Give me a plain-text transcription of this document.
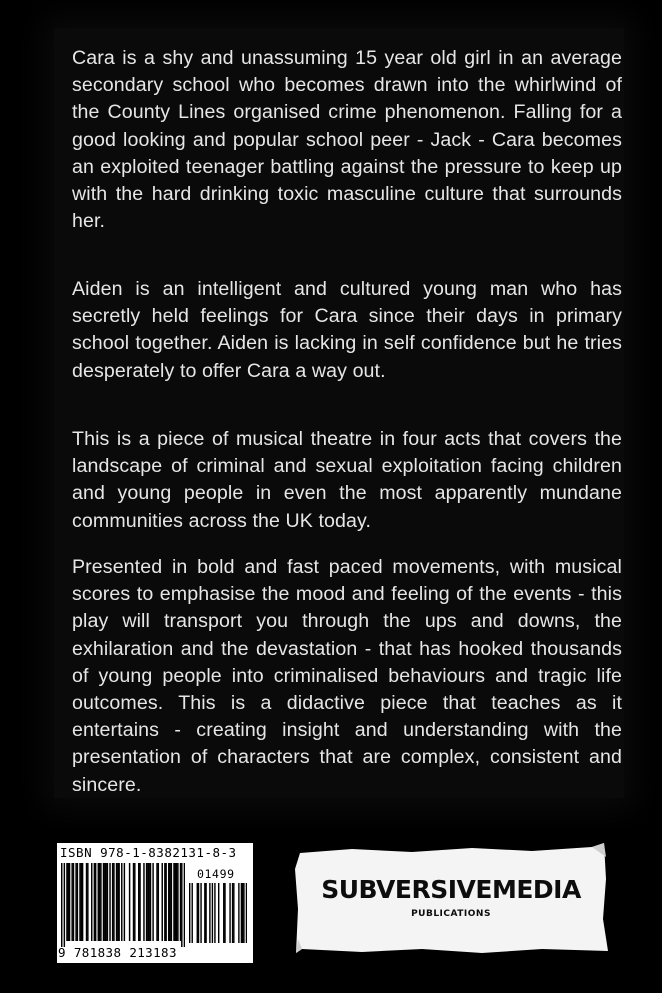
Cara is a shy and unassuming 15 year old girl in an average secondary school who becomes drawn into the whirlwind of the County Lines organised crime phenomenon. Falling for a good looking and popular school peer - Jack - Cara becomes an exploited teenager battling against the pressure to keep up with the hard drinking toxic masculine culture that surrounds her.

Aiden is an intelligent and cultured young man who has secretly held feelings for Cara since their days in primary school together. Aiden is lacking in self confidence but he tries desperately to offer Cara a way out.

This is a piece of musical theatre in four acts that covers the landscape of criminal and sexual exploitation facing children and young people in even the most apparently mundane communities across the UK today.

Presented in bold and fast paced movements, with musical scores to emphasise the mood and feeling of the events - this play will transport you through the ups and downs, the exhilaration and the devastation - that has hooked thousands of young people into criminalised behaviours and tragic life outcomes. This is a didactive piece that teaches as it entertains - creating insight and understanding with the presentation of characters that are complex, consistent and sincere.

ISBN 978-1-8382131-8-3
01499
9 781838 213183
SUBVERSIVEMEDIA
PUBLICATIONS
